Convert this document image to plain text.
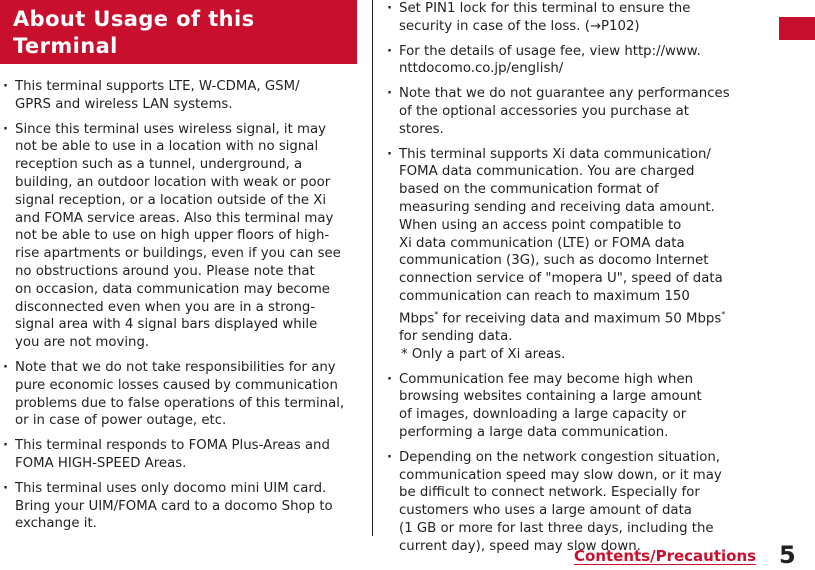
About Usage of this
Terminal
· This terminal supports LTE, W-CDMA, GSM/
GPRS and wireless LAN systems.
· Since this terminal uses wireless signal, it may
not be able to use in a location with no signal
reception such as a tunnel, underground, a
building, an outdoor location with weak or poor
signal reception, or a location outside of the Xi
and FOMA service areas. Also this terminal may
not be able to use on high upper floors of high-
rise apartments or buildings, even if you can see
no obstructions around you. Please note that
on occasion, data communication may become
disconnected even when you are in a strong-
signal area with 4 signal bars displayed while
you are not moving.
· Note that we do not take responsibilities for any
pure economic losses caused by communication
problems due to false operations of this terminal,
or in case of power outage, etc.
· This terminal responds to FOMA Plus-Areas and
FOMA HIGH-SPEED Areas.
· This terminal uses only docomo mini UIM card.
Bring your UIM/FOMA card to a docomo Shop to
exchange it.
· Set PIN1 lock for this terminal to ensure the
security in case of the loss. (→P102)
· For the details of usage fee, view http://www.
nttdocomo.co.jp/english/
· Note that we do not guarantee any performances
of the optional accessories you purchase at
stores.
· This terminal supports Xi data communication/
FOMA data communication. You are charged
based on the communication format of
measuring sending and receiving data amount.
When using an access point compatible to
Xi data communication (LTE) or FOMA data
communication (3G), such as docomo Internet
connection service of "mopera U", speed of data
communication can reach to maximum 150
Mbps* for receiving data and maximum 50 Mbps*
for sending data.
* Only a part of Xi areas.
· Communication fee may become high when
browsing websites containing a large amount
of images, downloading a large capacity or
performing a large data communication.
· Depending on the network congestion situation,
communication speed may slow down, or it may
be difficult to connect network. Especially for
customers who uses a large amount of data
(1 GB or more for last three days, including the
current day), speed may slow down.
Contents/Precautions 5
